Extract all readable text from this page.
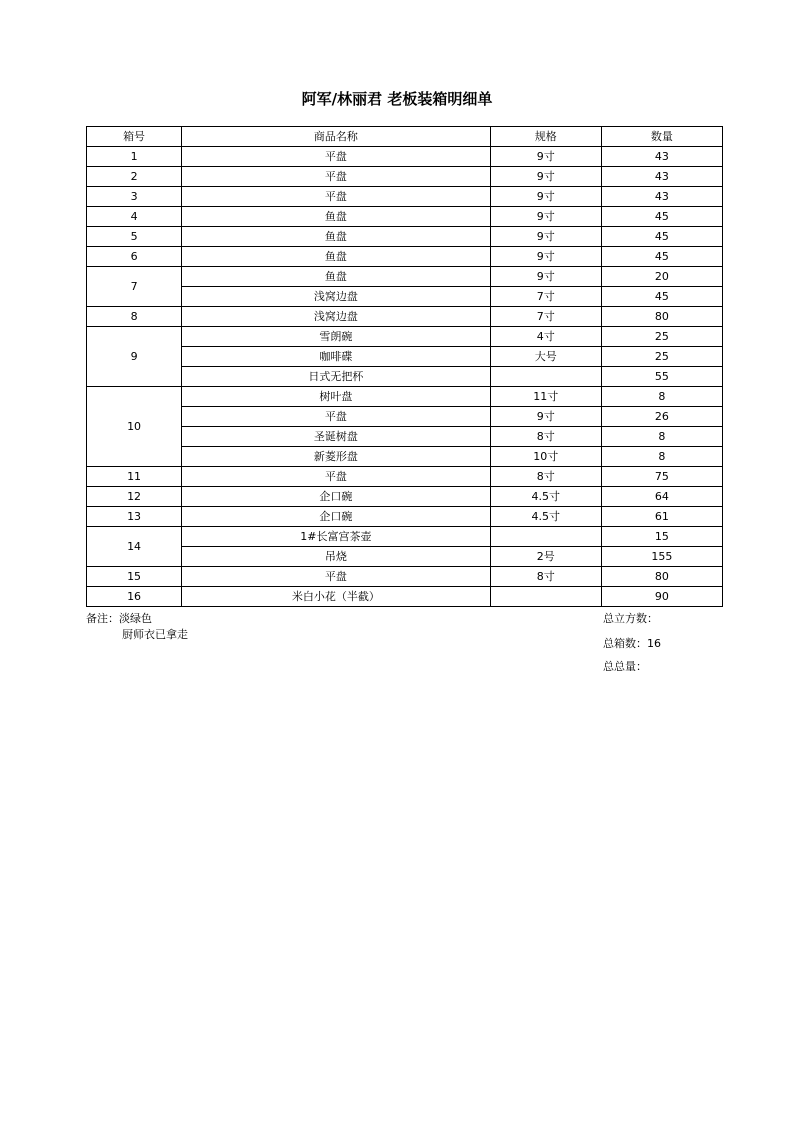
阿军/林丽君 老板装箱明细单
箱号	商品名称	规格	数量
1	平盘	9寸	43
2	平盘	9寸	43
3	平盘	9寸	43
4	鱼盘	9寸	45
5	鱼盘	9寸	45
6	鱼盘	9寸	45
7	鱼盘	9寸	20
	浅窝边盘	7寸	45
8	浅窝边盘	7寸	80
9	雪朗碗	4寸	25
	咖啡碟	大号	25
	日式无把杯		55
10	树叶盘	11寸	8
	平盘	9寸	26
	圣诞树盘	8寸	8
	新菱形盘	10寸	8
11	平盘	8寸	75
12	企口碗	4.5寸	64
13	企口碗	4.5寸	61
14	1#长富宫茶壶		15
	吊烧	2号	155
15	平盘	8寸	80
16	米白小花（半截）		90
备注：淡绿色
厨师衣已拿走
总立方数：
总箱数：16
总总量：
